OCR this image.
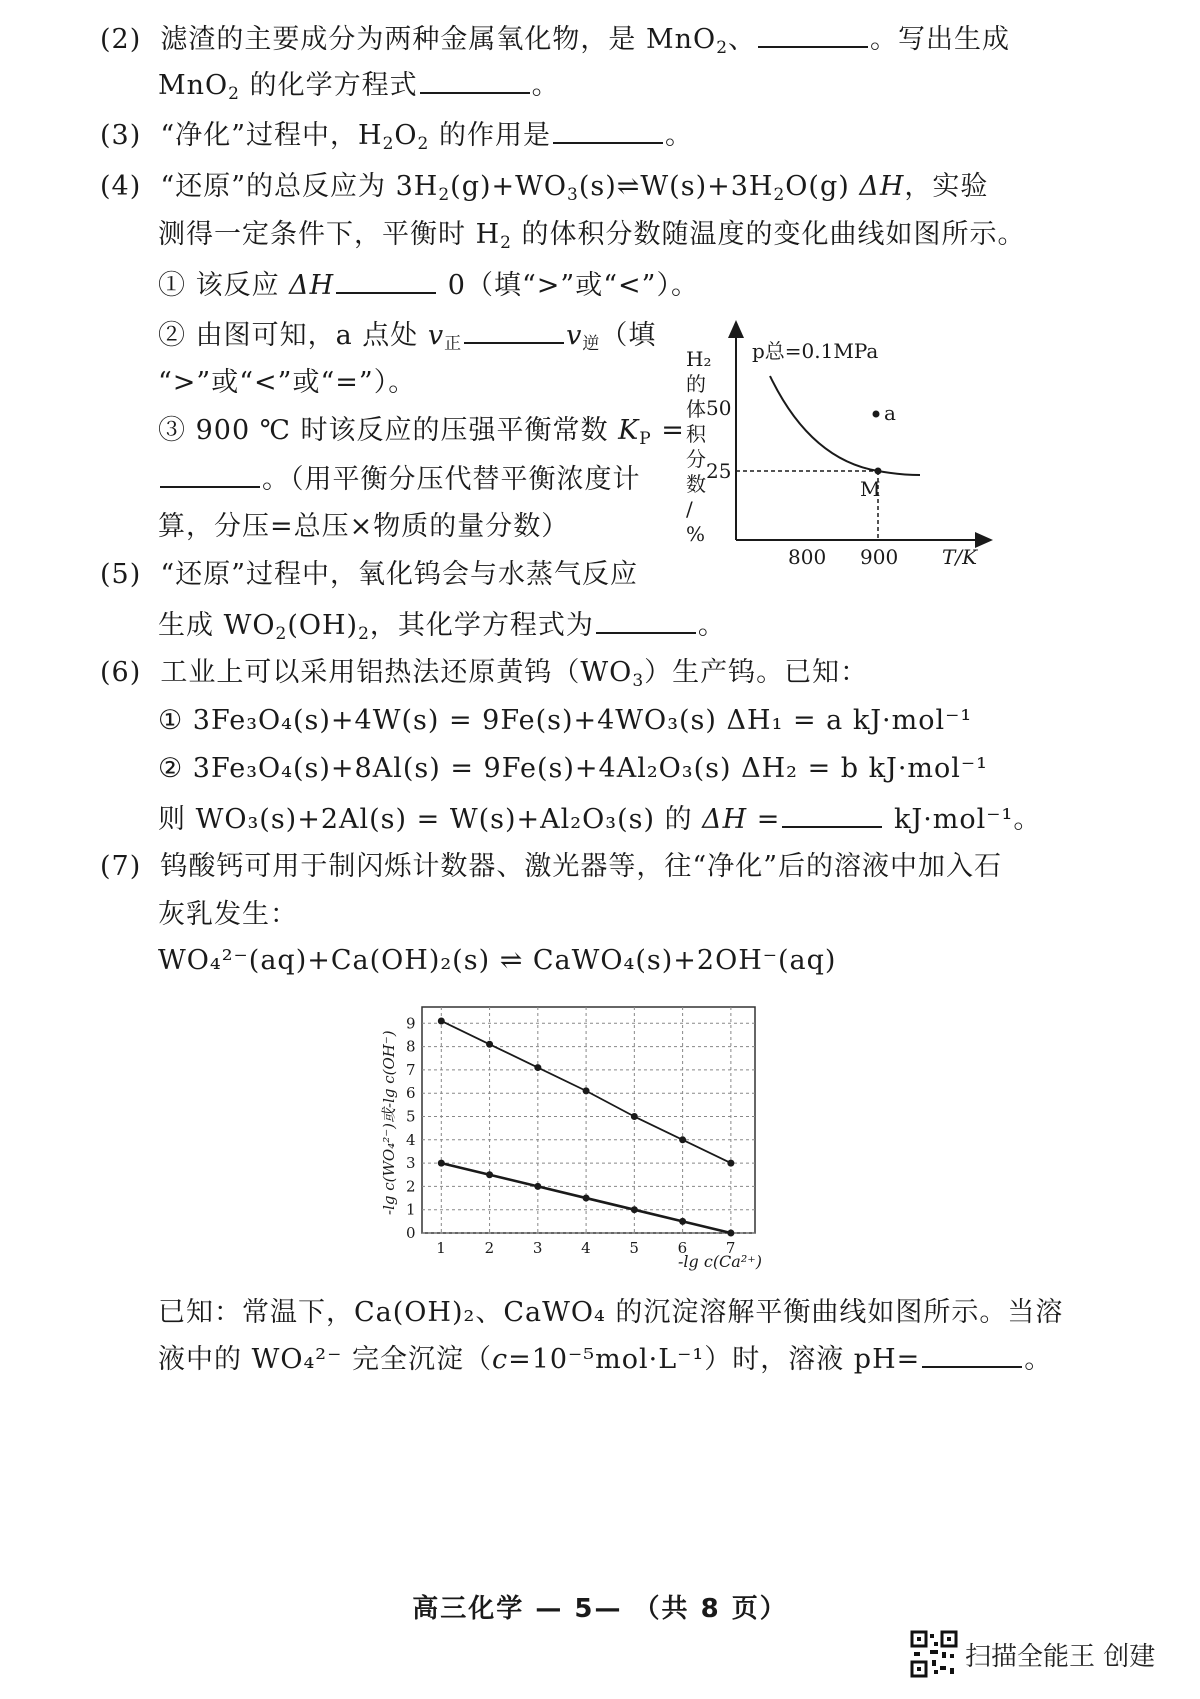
(2) 滤渣的主要成分为两种金属氧化物，是 MnO$_2$、	。写出生成
MnO$_2$ 的化学方程式	。
(3) “净化”过程中，$H_2O_2$ 的作用是	。
(4) “还原”的总反应为 $3H_2(g)+WO_3(s)\rightleftharpoons W(s)+3H_2O(g)$ ΔH，实验
测得一定条件下，平衡时 $H_2$ 的体积分数随温度的变化曲线如图所示。
① 该反应 ΔH	0（填“>”或“<”）。
② 由图可知，a 点处 $v_正$	$v_逆$（填
“>”或“<”或“=”）。
③ 900 ℃ 时该反应的压强平衡常数 $K_P$ =
。（用平衡分压代替平衡浓度计
算，分压=总压×物质的量分数）
H₂
的
体
积
分
数
/
%
p总=0.1MPa
50
25
M
a
800 900 T/K
(5) “还原”过程中，氧化钨会与水蒸气反应
生成 $WO_2(OH)_2$，其化学方程式为	。
(6) 工业上可以采用铝热法还原黄钨$(WO_3)$生产钨。已知：
① 3Fe₃O₄(s)+4W(s) = 9Fe(s)+4WO₃(s) ΔH₁ = a kJ·mol⁻¹
② 3Fe₃O₄(s)+8Al(s) = 9Fe(s)+4Al₂O₃(s) ΔH₂ = b kJ·mol⁻¹
则 WO₃(s)+2Al(s) = W(s)+Al₂O₃(s) 的 ΔH =	kJ·mol⁻¹。
(7) 钨酸钙可用于制闪烁计数器、激光器等，往“净化”后的溶液中加入石
灰乳发生：
WO₄²⁻(aq)+Ca(OH)₂(s) ⇌ CaWO₄(s)+2OH⁻(aq)
1	2	3	4	5	6	7
0
1
2
3
4
5
6
7
8
9
-lg c(Ca²⁺)
-lg c(WO₄²⁻)或-lg c(OH⁻)
已知：常温下，Ca(OH)₂、CaWO₄ 的沉淀溶解平衡曲线如图所示。当溶
液中的 WO₄²⁻ 完全沉淀（c=10⁻⁵mol·L⁻¹）时，溶液 pH=	。
高三化学 — 5— （共 8 页）
扫描全能王 创建
